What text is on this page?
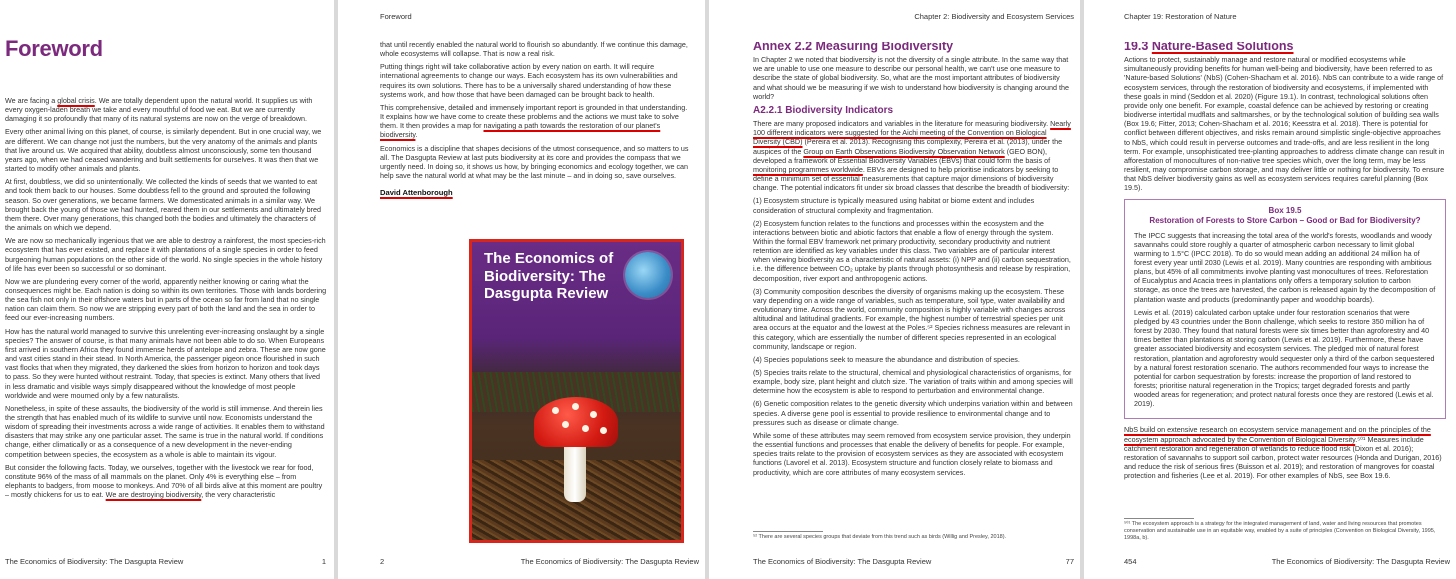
Foreword

We are facing a global crisis. We are totally dependent upon the natural world. It supplies us with every oxygen-laden breath we take and every mouthful of food we eat. But we are currently damaging it so profoundly that many of its natural systems are now on the verge of breakdown.

Every other animal living on this planet, of course, is similarly dependent. But in one crucial way, we are different. We can change not just the numbers, but the very anatomy of the animals and plants that live around us. We acquired that ability, doubtless almost unconsciously, some ten thousand years ago, when we had ceased wandering and built settlements for ourselves. It was then that we started to modify other animals and plants.

At first, doubtless, we did so unintentionally. We collected the kinds of seeds that we wanted to eat and took them back to our houses. Some doubtless fell to the ground and sprouted the following season. So over generations, we became farmers. We domesticated animals in a similar way. We brought back the young of those we had hunted, reared them in our settlements and ultimately bred them there. Over many generations, this changed both the bodies and ultimately the characters of the animals on which we depend.

We are now so mechanically ingenious that we are able to destroy a rainforest, the most species-rich ecosystem that has ever existed, and replace it with plantations of a single species in order to feed burgeoning human populations on the other side of the world. No single species in the whole history of life has ever been so successful or so dominant.

Now we are plundering every corner of the world, apparently neither knowing or caring what the consequences might be. Each nation is doing so within its own territories. Those with lands bordering the sea fish not only in their offshore waters but in parts of the ocean so far from land that no single nation can claim them. So now we are stripping every part of both the land and the sea in order to feed our ever-increasing numbers.

How has the natural world managed to survive this unrelenting ever-increasing onslaught by a single species? The answer of course, is that many animals have not been able to do so. When Europeans first arrived in southern Africa they found immense herds of antelope and zebra. These are now gone and vast cities stand in their stead. In North America, the passenger pigeon once flourished in such vast flocks that when they migrated, they darkened the skies from horizon to horizon and took days to pass. So they were hunted without restraint. Today, that species is extinct. Many others that lived in less dramatic and visible ways simply disappeared without the knowledge of most people worldwide and were mourned only by a few naturalists.

Nonetheless, in spite of these assaults, the biodiversity of the world is still immense. And therein lies the strength that has enabled much of its wildlife to survive until now. Economists understand the wisdom of spreading their investments across a wide range of activities. It enables them to withstand disasters that may strike any one particular asset. The same is true in the natural world. If conditions change, either climatically or as a consequence of a new development in the never-ending competition between species, the ecosystem as a whole is able to maintain its vigour.

But consider the following facts. Today, we ourselves, together with the livestock we rear for food, constitute 96% of the mass of all mammals on the planet. Only 4% is everything else – from elephants to badgers, from moose to monkeys. And 70% of all birds alive at this moment are poultry – mostly chickens for us to eat. We are destroying biodiversity, the very characteristic

The Economics of Biodiversity: The Dasgupta Review	1
Foreword

that until recently enabled the natural world to flourish so abundantly. If we continue this damage, whole ecosystems will collapse. That is now a real risk.

Putting things right will take collaborative action by every nation on earth. It will require international agreements to change our ways. Each ecosystem has its own vulnerabilities and requires its own solutions. There has to be a universally shared understanding of how these systems work, and how those that have been damaged can be brought back to health.

This comprehensive, detailed and immensely important report is grounded in that understanding. It explains how we have come to create these problems and the actions we must take to solve them. It then provides a map for navigating a path towards the restoration of our planet's biodiversity.

Economics is a discipline that shapes decisions of the utmost consequence, and so matters to us all. The Dasgupta Review at last puts biodiversity at its core and provides the compass that we urgently need. In doing so, it shows us how, by bringing economics and ecology together, we can help save the natural world at what may be the last minute – and in doing so, save ourselves.

David Attenborough

The Economics of Biodiversity: The Dasgupta Review
2	The Economics of Biodiversity: The Dasgupta Review
Chapter 2: Biodiversity and Ecosystem Services
Annex 2.2 Measuring Biodiversity

In Chapter 2 we noted that biodiversity is not the diversity of a single attribute. In the same way that we are unable to use one measure to describe our personal health, we can't use one measure to describe the state of global biodiversity. So, what are the most important attributes of biodiversity and what should we be measuring if we wish to understand how biodiversity is changing around the world?

A2.2.1 Biodiversity Indicators

There are many proposed indicators and variables in the literature for measuring biodiversity. Nearly 100 different indicators were suggested for the Aichi meeting of the Convention on Biological Diversity (CBD) (Pereira et al. 2013). Recognising this complexity, Pereira et al. (2013), under the auspices of the Group on Earth Observations Biodiversity Observation Network (GEO BON), developed a framework of Essential Biodiversity Variables (EBVs) that could form the basis of monitoring programmes worldwide. EBVs are designed to help prioritise indicators by seeking to define a minimum set of essential measurements that capture major dimensions of biodiversity change. The potential indicators fit under six broad classes that describe the breadth of biodiversity:

(1) Ecosystem structure is typically measured using habitat or biome extent and includes consideration of structural complexity and fragmentation.

(2) Ecosystem function relates to the functions and processes within the ecosystem and the interactions between biotic and abiotic factors that enable a flow of energy through the system. Within the formal EBV framework net primary productivity, secondary productivity and nutrient retention are identified as key variables under this class. Two variables are of particular interest when viewing biodiversity as a characteristic of natural assets: (i) NPP and (ii) carbon sequestration, i.e. the difference between CO₂ uptake by plants through photosynthesis and release by respiration, decomposition, river export and anthropogenic actions.

(3) Community composition describes the diversity of organisms making up the ecosystem. These vary depending on a wide range of variables, such as temperature, soil type, water availability and evolutionary time. Across the world, community composition is highly variable with changes across altitudinal and latitudinal gradients. For example, the highest number of terrestrial species per unit area occurs at the equator and the lowest at the Poles.⁵² Species richness measures are relevant in this category, which are essentially the number of different species represented in an ecological community, landscape or region.

(4) Species populations seek to measure the abundance and distribution of species.

(5) Species traits relate to the structural, chemical and physiological characteristics of organisms, for example, body size, plant height and clutch size. The variation of traits within and among species will determine how the ecosystem is able to respond to perturbation and environmental change.

(6) Genetic composition relates to the genetic diversity which underpins variation within and between species. A diverse gene pool is essential to provide resilience to environmental change and to pressures such as disease or climate change.

While some of these attributes may seem removed from ecosystem service provision, they underpin the essential functions and processes that enable the delivery of benefits for people. For example, species traits relate to the provision of ecosystem services as they are associated with ecosystem functions (Lavorel et al. 2013). Ecosystem structure and function closely relate to biomass and productivity, which are core attributes of many ecosystem services.

⁵² There are several species groups that deviate from this trend such as birds (Willig and Presley, 2018).
The Economics of Biodiversity: The Dasgupta Review	77
Chapter 19: Restoration of Nature
19.3 Nature-Based Solutions

Actions to protect, sustainably manage and restore natural or modified ecosystems while simultaneously providing benefits for human well-being and biodiversity, have been referred to as 'Nature-based Solutions' (NbS) (Cohen-Shacham et al. 2016). NbS can contribute to a wide range of ecosystem services, through the restoration of biodiversity and ecosystems, if implemented with these goals in mind (Seddon et al. 2020) (Figure 19.1). In contrast, technological solutions often provide only one benefit. For example, coastal defence can be achieved by restoring or creating biodiverse intertidal mudflats and saltmarshes, or by the technological solution of building sea walls (Box 19.6; Fitter, 2013; Cohen-Shacham et al. 2016; Keesstra et al. 2018). There is potential for conflict between different objectives, and risks remain around simplistic single-objective approaches to NbS, which could result in perverse outcomes and trade-offs, and are less resilient in the long term. For example, unsophisticated tree-planting approaches to address climate change can result in afforestation of monocultures of non-native tree species which, over the long term, may be less resilient, may compromise carbon storage, and may deliver little or nothing for biodiversity. To ensure that NbS deliver biodiversity gains as well as ecosystem services requires careful planning (Box 19.5).

Box 19.5
Restoration of Forests to Store Carbon – Good or Bad for Biodiversity?

The IPCC suggests that increasing the total area of the world's forests, woodlands and woody savannahs could store roughly a quarter of atmospheric carbon necessary to limit global warming to 1.5°C (IPCC 2018). To do so would mean adding an additional 24 million ha of forest every year until 2030 (Lewis et al. 2019). Many countries are responding with ambitious plans, but 45% of all commitments involve planting vast monocultures of trees. Reforestation of Eucalyptus and Acacia trees in plantations only offers a temporary solution to carbon storage, as once the trees are harvested, the carbon is released again by the decomposition of plantation waste and products (predominantly paper and woodchip boards).

Lewis et al. (2019) calculated carbon uptake under four restoration scenarios that were pledged by 43 countries under the Bonn challenge, which seeks to restore 350 million ha of forest by 2030. They found that natural forests were six times better than agroforestry and 40 times better than plantations at storing carbon (Lewis et al. 2019). Furthermore, these have greater associated biodiversity and ecosystem services. The pledged mix of natural forest restoration, plantation and agroforestry would sequester only a third of the carbon sequestered by a natural forest restoration scenario. The authors recommended four ways to increase the potential for carbon sequestration by forests: increase the proportion of land restored to forests; prioritise natural regeneration in the Tropics; target degraded forests and partly wooded areas for regeneration; and protect natural forests once they are restored (Lewis et al. 2019).

NbS build on extensive research on ecosystem service management and on the principles of the ecosystem approach advocated by the Convention of Biological Diversity.⁵⁰¹ Measures include catchment restoration and regeneration of wetlands to reduce flood risk (Dixon et al. 2016); restoration of savannahs to support soil carbon, protect water resources (Honda and Durigan, 2016) and reduce the risk of serious fires (Buisson et al. 2019); and restoration of mangroves for coastal protection and fisheries (Lee et al. 2019). For other examples of NbS, see Box 19.6.

⁵⁰¹ The ecosystem approach is a strategy for the integrated management of land, water and living resources that promotes conservation and sustainable use in an equitable way, enabled by a suite of principles (Convention on Biological Diversity, 1995, 1998a, b).
454	The Economics of Biodiversity: The Dasgupta Review
